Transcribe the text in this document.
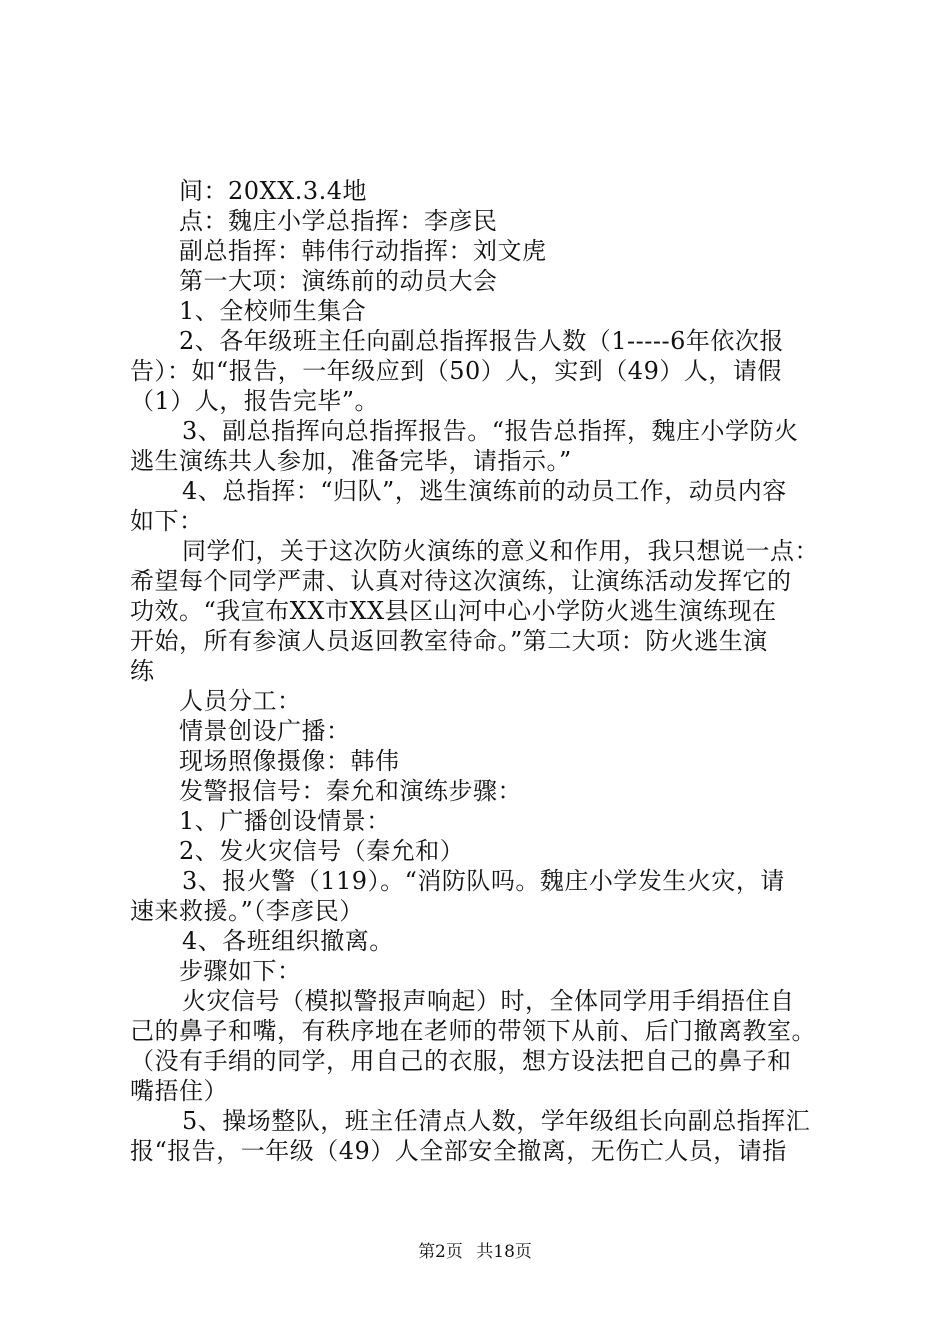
间：20XX.3.4地
点：魏庄小学总指挥：李彦民
副总指挥：韩伟行动指挥：刘文虎
第一大项：演练前的动员大会
1、全校师生集合
2、各年级班主任向副总指挥报告人数（1-----6年依次报
告）：如“报告，一年级应到（50）人，实到（49）人，请假
（1）人，报告完毕”。
3、副总指挥向总指挥报告。“报告总指挥，魏庄小学防火
逃生演练共人参加，准备完毕，请指示。”
4、总指挥：“归队”，逃生演练前的动员工作，动员内容
如下：
同学们，关于这次防火演练的意义和作用，我只想说一点：
希望每个同学严肃、认真对待这次演练，让演练活动发挥它的
功效。“我宣布XX市XX县区山河中心小学防火逃生演练现在
开始，所有参演人员返回教室待命。”第二大项：防火逃生演
练
人员分工：
情景创设广播：
现场照像摄像：韩伟
发警报信号：秦允和演练步骤：
1、广播创设情景：
2、发火灾信号（秦允和）
3、报火警（119）。“消防队吗。魏庄小学发生火灾，请
速来救援。”（李彦民）
4、各班组织撤离。
步骤如下：
火灾信号（模拟警报声响起）时，全体同学用手绢捂住自
己的鼻子和嘴，有秩序地在老师的带领下从前、后门撤离教室。
（没有手绢的同学，用自己的衣服，想方设法把自己的鼻子和
嘴捂住）
5、操场整队，班主任清点人数，学年级组长向副总指挥汇
报“报告，一年级（49）人全部安全撤离，无伤亡人员，请指
第2页 共18页
